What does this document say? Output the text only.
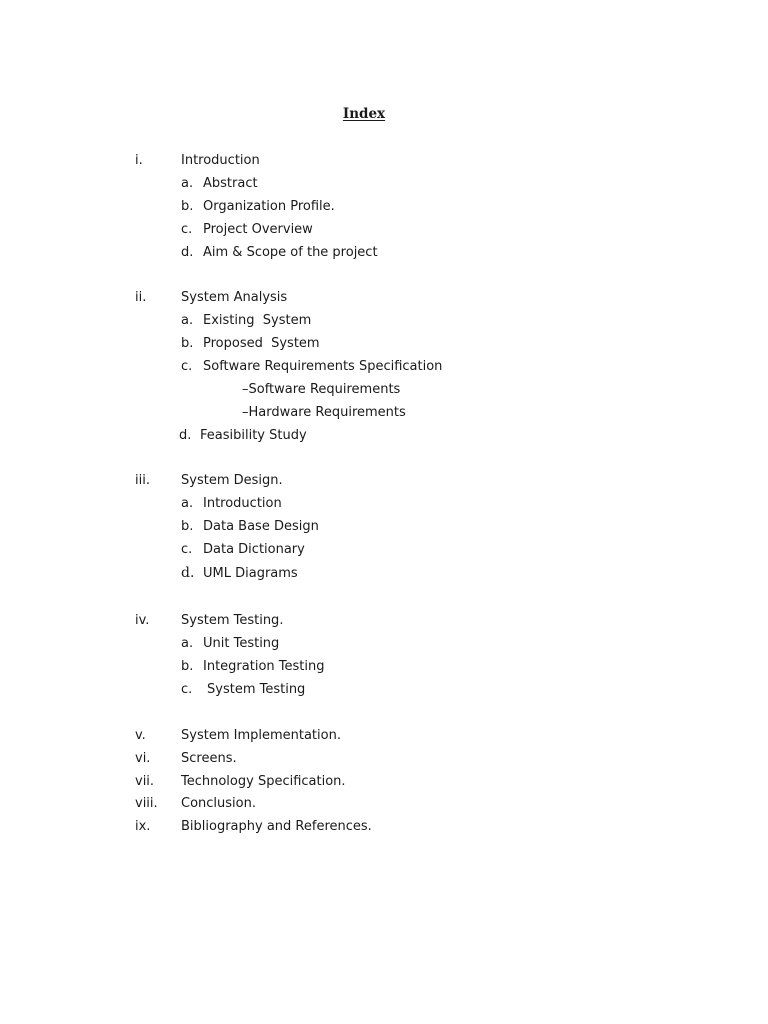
Index
i.	Introduction
a. Abstract
b. Organization Profile.
c. Project Overview
d. Aim & Scope of the project
ii.	System Analysis
a. Existing  System
b. Proposed  System
c. Software Requirements Specification
–Software Requirements
–Hardware Requirements
d. Feasibility Study
iii. System Design.
a. Introduction
b. Data Base Design
c. Data Dictionary
d. UML Diagrams
iv. System Testing.
a. Unit Testing
b. Integration Testing
c. System Testing
v.	System Implementation.
vi. Screens.
vii. Technology Specification.
viii. Conclusion.
ix. Bibliography and References.
